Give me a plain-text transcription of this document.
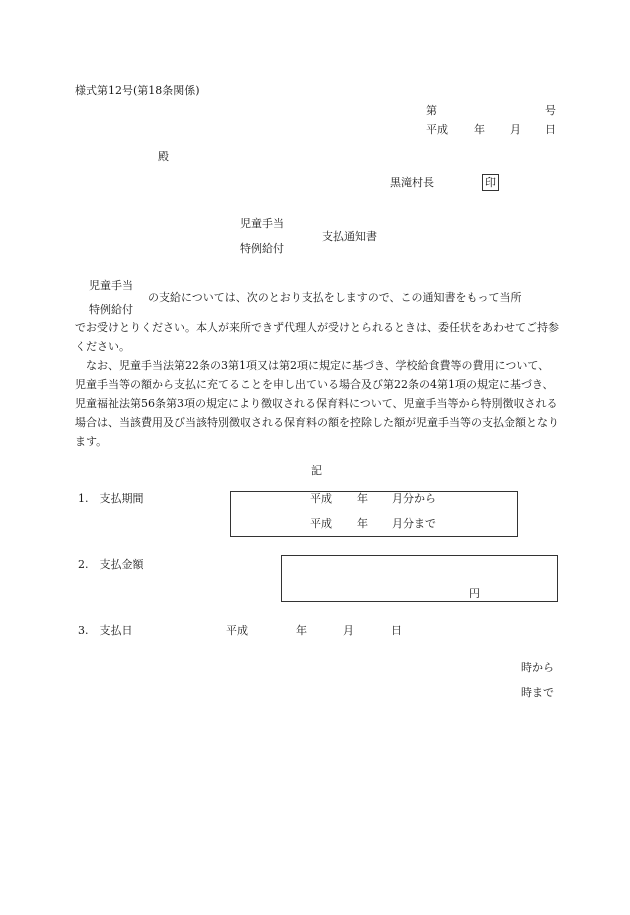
様式第12号(第18条関係)
第	号
平成 年 月 日
殿
黒滝村長	印
児童手当
支払通知書
特例給付
児童手当
の支給については、次のとおり支払をしますので、この通知書をもって当所
特例給付

でお受けとりください。本人が来所できず代理人が受けとられるときは、委任状をあわせてご持参ください。

なお、児童手当法第22条の3第1項又は第2項に規定に基づき、学校給食費等の費用について、児童手当等の額から支払に充てることを申し出ている場合及び第22条の4第1項の規定に基づき、児童福祉法第56条第3項の規定により徴収される保育料について、児童手当等から特別徴収される場合は、当該費用及び当該特別徴収される保育料の額を控除した額が児童手当等の支払金額となります。

記
1.　支払期間	平成 年 月分から
平成 年 月分まで
2.　支払金額
円
3.　支払日	平成	年	月	日
時から
時まで
